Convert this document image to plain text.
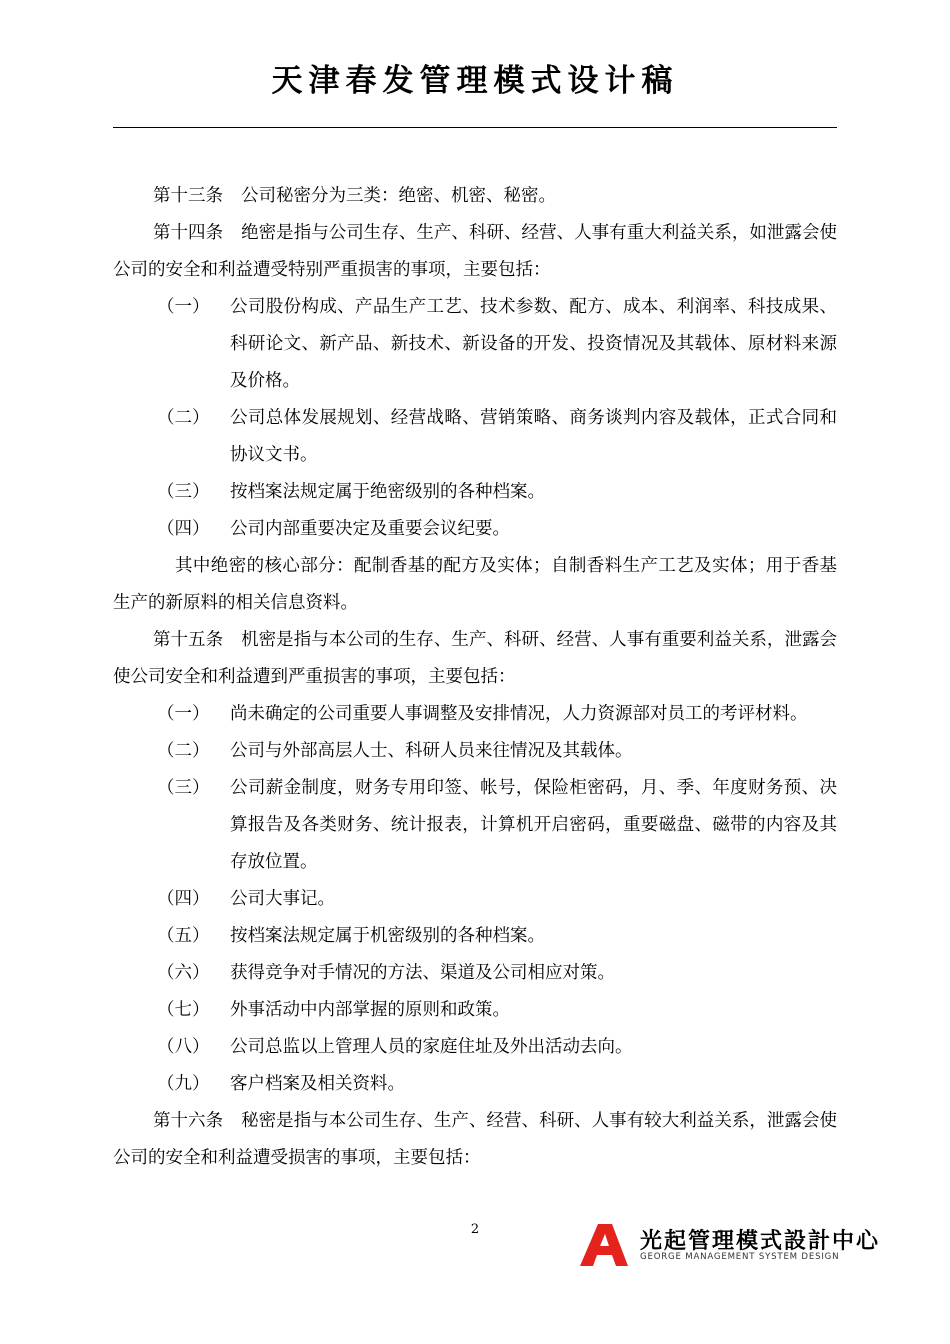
天津春发管理模式设计稿

第十三条 公司秘密分为三类：绝密、机密、秘密。

第十四条 绝密是指与公司生存、生产、科研、经营、人事有重大利益关系，如泄露会使公司的安全和利益遭受特别严重损害的事项，主要包括：

（一）	公司股份构成、产品生产工艺、技术参数、配方、成本、利润率、科技成果、科研论文、新产品、新技术、新设备的开发、投资情况及其载体、原材料来源及价格。
（二）	公司总体发展规划、经营战略、营销策略、商务谈判内容及载体，正式合同和协议文书。
（三）	按档案法规定属于绝密级别的各种档案。
（四）	公司内部重要决定及重要会议纪要。

其中绝密的核心部分：配制香基的配方及实体；自制香料生产工艺及实体；用于香基生产的新原料的相关信息资料。

第十五条 机密是指与本公司的生存、生产、科研、经营、人事有重要利益关系，泄露会使公司安全和利益遭到严重损害的事项，主要包括：

（一）	尚未确定的公司重要人事调整及安排情况，人力资源部对员工的考评材料。
（二）	公司与外部高层人士、科研人员来往情况及其载体。
（三）	公司薪金制度，财务专用印签、帐号，保险柜密码，月、季、年度财务预、决算报告及各类财务、统计报表，计算机开启密码，重要磁盘、磁带的内容及其存放位置。
（四）	公司大事记。
（五）	按档案法规定属于机密级别的各种档案。
（六）	获得竞争对手情况的方法、渠道及公司相应对策。
（七）	外事活动中内部掌握的原则和政策。
（八）	公司总监以上管理人员的家庭住址及外出活动去向。
（九）	客户档案及相关资料。

第十六条 秘密是指与本公司生存、生产、经营、科研、人事有较大利益关系，泄露会使公司的安全和利益遭受损害的事项，主要包括：

2	光起管理模式設計中心
GEORGE MANAGEMENT SYSTEM DESIGN
